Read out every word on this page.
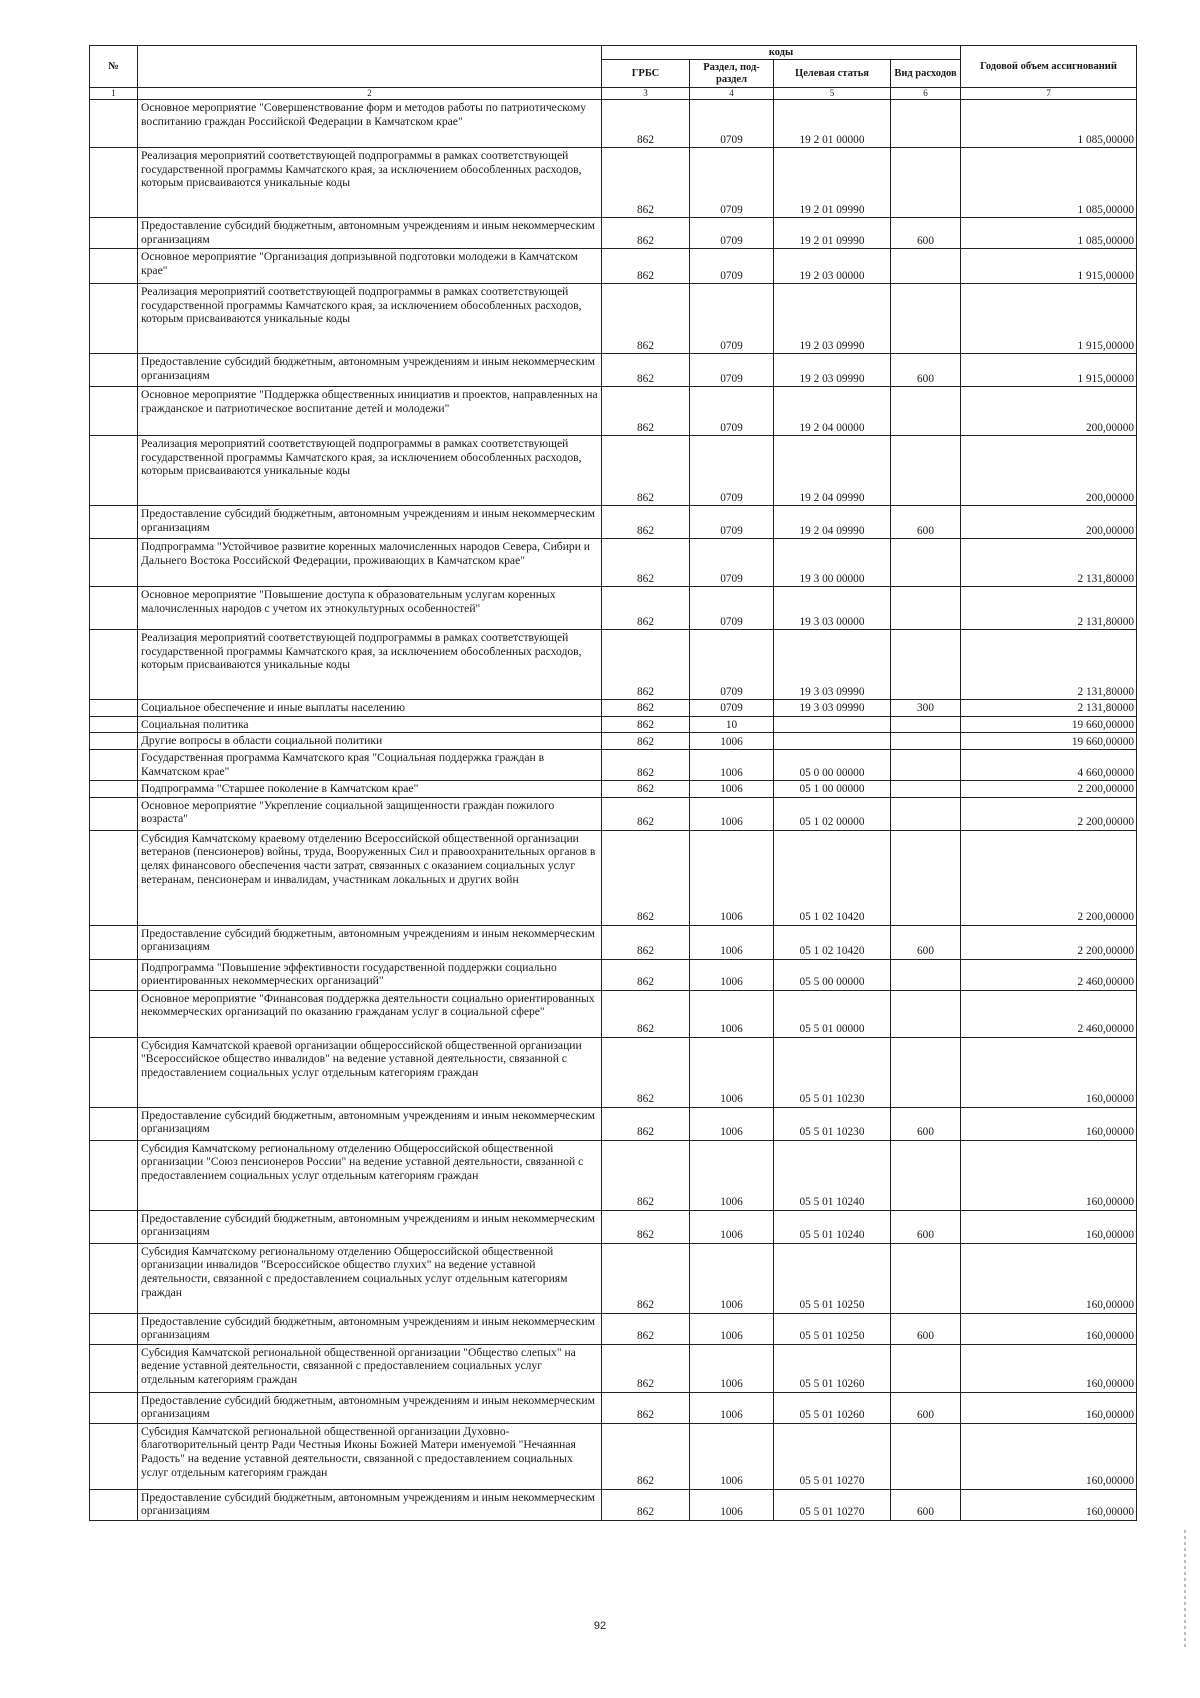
№		коды				Годовой объем ассигнований
		ГРБС	Раздел, под-раздел	Целевая статья	Вид расходов	
1	2	3	4	5	6	7
	Основное мероприятие "Совершенствование форм и методов работы по патриотическому воспитанию граждан Российской Федерации в Камчатском крае"	862	0709	19 2 01 00000		1 085,00000
	Реализация мероприятий соответствующей подпрограммы в рамках соответствующей государственной программы Камчатского края, за исключением обособленных расходов, которым присваиваются уникальные коды	862	0709	19 2 01 09990		1 085,00000
	Предоставление субсидий бюджетным, автономным учреждениям и иным некоммерческим организациям	862	0709	19 2 01 09990	600	1 085,00000
	Основное мероприятие "Организация допризывной подготовки молодежи в Камчатском крае"	862	0709	19 2 03 00000		1 915,00000
	Реализация мероприятий соответствующей подпрограммы в рамках соответствующей государственной программы Камчатского края, за исключением обособленных расходов, которым присваиваются уникальные коды	862	0709	19 2 03 09990		1 915,00000
	Предоставление субсидий бюджетным, автономным учреждениям и иным некоммерческим организациям	862	0709	19 2 03 09990	600	1 915,00000
	Основное мероприятие "Поддержка общественных инициатив и проектов, направленных на гражданское и патриотическое воспитание детей и молодежи"	862	0709	19 2 04 00000		200,00000
	Реализация мероприятий соответствующей подпрограммы в рамках соответствующей государственной программы Камчатского края, за исключением обособленных расходов, которым присваиваются уникальные коды	862	0709	19 2 04 09990		200,00000
	Предоставление субсидий бюджетным, автономным учреждениям и иным некоммерческим организациям	862	0709	19 2 04 09990	600	200,00000
	Подпрограмма "Устойчивое развитие коренных малочисленных народов Севера, Сибири и Дальнего Востока Российской Федерации, проживающих в Камчатском крае"	862	0709	19 3 00 00000		2 131,80000
	Основное мероприятие "Повышение доступа к образовательным услугам коренных малочисленных народов с учетом их этнокультурных особенностей"	862	0709	19 3 03 00000		2 131,80000
	Реализация мероприятий соответствующей подпрограммы в рамках соответствующей государственной программы Камчатского края, за исключением обособленных расходов, которым присваиваются уникальные коды	862	0709	19 3 03 09990		2 131,80000
	Социальное обеспечение и иные выплаты населению	862	0709	19 3 03 09990	300	2 131,80000
	Социальная политика	862	10			19 660,00000
	Другие вопросы в области социальной политики	862	1006			19 660,00000
	Государственная программа Камчатского края "Социальная поддержка граждан в Камчатском крае"	862	1006	05 0 00 00000		4 660,00000
	Подпрограмма "Старшее поколение в Камчатском крае"	862	1006	05 1 00 00000		2 200,00000
	Основное мероприятие "Укрепление социальной защищенности граждан пожилого возраста"	862	1006	05 1 02 00000		2 200,00000
	Субсидия Камчатскому краевому отделению Всероссийской общественной организации ветеранов (пенсионеров) войны, труда, Вооруженных Сил и правоохранительных органов в целях финансового обеспечения части затрат, связанных с оказанием социальных услуг ветеранам, пенсионерам и инвалидам, участникам локальных и других войн	862	1006	05 1 02 10420		2 200,00000
	Предоставление субсидий бюджетным, автономным учреждениям и иным некоммерческим организациям	862	1006	05 1 02 10420	600	2 200,00000
	Подпрограмма "Повышение эффективности государственной поддержки социально ориентированных некоммерческих организаций"	862	1006	05 5 00 00000		2 460,00000
	Основное мероприятие "Финансовая поддержка деятельности социально ориентированных некоммерческих организаций по оказанию гражданам услуг в социальной сфере"	862	1006	05 5 01 00000		2 460,00000
	Субсидия Камчатской краевой организации общероссийской общественной организации "Всероссийское общество инвалидов" на ведение уставной деятельности, связанной с предоставлением социальных услуг отдельным категориям граждан	862	1006	05 5 01 10230		160,00000
	Предоставление субсидий бюджетным, автономным учреждениям и иным некоммерческим организациям	862	1006	05 5 01 10230	600	160,00000
	Субсидия Камчатскому региональному отделению Общероссийской общественной организации "Союз пенсионеров России" на ведение уставной деятельности, связанной с предоставлением социальных услуг отдельным категориям граждан	862	1006	05 5 01 10240		160,00000
	Предоставление субсидий бюджетным, автономным учреждениям и иным некоммерческим организациям	862	1006	05 5 01 10240	600	160,00000
	Субсидия Камчатскому региональному отделению Общероссийской общественной организации инвалидов "Всероссийское общество глухих" на ведение уставной деятельности, связанной с предоставлением социальных услуг отдельным категориям граждан	862	1006	05 5 01 10250		160,00000
	Предоставление субсидий бюджетным, автономным учреждениям и иным некоммерческим организациям	862	1006	05 5 01 10250	600	160,00000
	Субсидия Камчатской региональной общественной организации "Общество слепых" на ведение уставной деятельности, связанной с предоставлением социальных услуг отдельным категориям граждан	862	1006	05 5 01 10260		160,00000
	Предоставление субсидий бюджетным, автономным учреждениям и иным некоммерческим организациям	862	1006	05 5 01 10260	600	160,00000
	Субсидия Камчатской региональной общественной организации Духовно-благотворительный центр Ради Честныя Иконы Божией Матери именуемой "Нечаянная Радость" на ведение уставной деятельности, связанной с предоставлением социальных услуг отдельным категориям граждан	862	1006	05 5 01 10270		160,00000
	Предоставление субсидий бюджетным, автономным учреждениям и иным некоммерческим организациям	862	1006	05 5 01 10270	600	160,00000
92
